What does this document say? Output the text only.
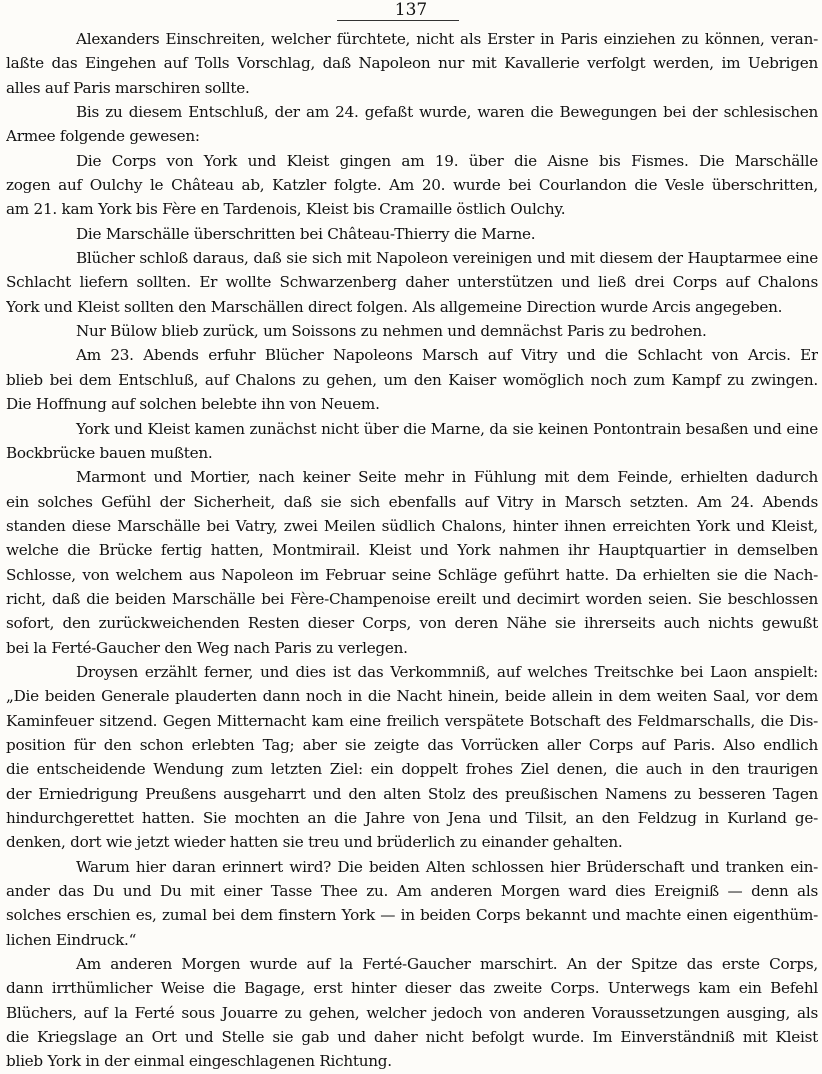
137
Alexanders Einschreiten, welcher fürchtete, nicht als Erster in Paris einziehen zu können, veran-
laßte das Eingehen auf Tolls Vorschlag, daß Napoleon nur mit Kavallerie verfolgt werden, im Uebrigen
alles auf Paris marschiren sollte.
Bis zu diesem Entschluß, der am 24. gefaßt wurde, waren die Bewegungen bei der schlesischen
Armee folgende gewesen:
Die Corps von York und Kleist gingen am 19. über die Aisne bis Fismes. Die Marschälle
zogen auf Oulchy le Château ab, Katzler folgte. Am 20. wurde bei Courlandon die Vesle überschritten,
am 21. kam York bis Fère en Tardenois, Kleist bis Cramaille östlich Oulchy.
Die Marschälle überschritten bei Château-Thierry die Marne.
Blücher schloß daraus, daß sie sich mit Napoleon vereinigen und mit diesem der Hauptarmee eine
Schlacht liefern sollten. Er wollte Schwarzenberg daher unterstützen und ließ drei Corps auf Chalons
York und Kleist sollten den Marschällen direct folgen. Als allgemeine Direction wurde Arcis angegeben.
Nur Bülow blieb zurück, um Soissons zu nehmen und demnächst Paris zu bedrohen.
Am 23. Abends erfuhr Blücher Napoleons Marsch auf Vitry und die Schlacht von Arcis. Er
blieb bei dem Entschluß, auf Chalons zu gehen, um den Kaiser womöglich noch zum Kampf zu zwingen.
Die Hoffnung auf solchen belebte ihn von Neuem.
York und Kleist kamen zunächst nicht über die Marne, da sie keinen Pontontrain besaßen und eine
Bockbrücke bauen mußten.
Marmont und Mortier, nach keiner Seite mehr in Fühlung mit dem Feinde, erhielten dadurch
ein solches Gefühl der Sicherheit, daß sie sich ebenfalls auf Vitry in Marsch setzten. Am 24. Abends
standen diese Marschälle bei Vatry, zwei Meilen südlich Chalons, hinter ihnen erreichten York und Kleist,
welche die Brücke fertig hatten, Montmirail. Kleist und York nahmen ihr Hauptquartier in demselben
Schlosse, von welchem aus Napoleon im Februar seine Schläge geführt hatte. Da erhielten sie die Nach-
richt, daß die beiden Marschälle bei Fère-Champenoise ereilt und decimirt worden seien. Sie beschlossen
sofort, den zurückweichenden Resten dieser Corps, von deren Nähe sie ihrerseits auch nichts gewußt
bei la Ferté-Gaucher den Weg nach Paris zu verlegen.
Droysen erzählt ferner, und dies ist das Verkommniß, auf welches Treitschke bei Laon anspielt:
„Die beiden Generale plauderten dann noch in die Nacht hinein, beide allein in dem weiten Saal, vor dem
Kaminfeuer sitzend. Gegen Mitternacht kam eine freilich verspätete Botschaft des Feldmarschalls, die Dis-
position für den schon erlebten Tag; aber sie zeigte das Vorrücken aller Corps auf Paris. Also endlich
die entscheidende Wendung zum letzten Ziel: ein doppelt frohes Ziel denen, die auch in den traurigen
der Erniedrigung Preußens ausgeharrt und den alten Stolz des preußischen Namens zu besseren Tagen
hindurchgerettet hatten. Sie mochten an die Jahre von Jena und Tilsit, an den Feldzug in Kurland ge-
denken, dort wie jetzt wieder hatten sie treu und brüderlich zu einander gehalten.
Warum hier daran erinnert wird? Die beiden Alten schlossen hier Brüderschaft und tranken ein-
ander das Du und Du mit einer Tasse Thee zu. Am anderen Morgen ward dies Ereigniß — denn als
solches erschien es, zumal bei dem finstern York — in beiden Corps bekannt und machte einen eigenthüm-
lichen Eindruck.“
Am anderen Morgen wurde auf la Ferté-Gaucher marschirt. An der Spitze das erste Corps,
dann irrthümlicher Weise die Bagage, erst hinter dieser das zweite Corps. Unterwegs kam ein Befehl
Blüchers, auf la Ferté sous Jouarre zu gehen, welcher jedoch von anderen Voraussetzungen ausging, als
die Kriegslage an Ort und Stelle sie gab und daher nicht befolgt wurde. Im Einverständniß mit Kleist
blieb York in der einmal eingeschlagenen Richtung.
